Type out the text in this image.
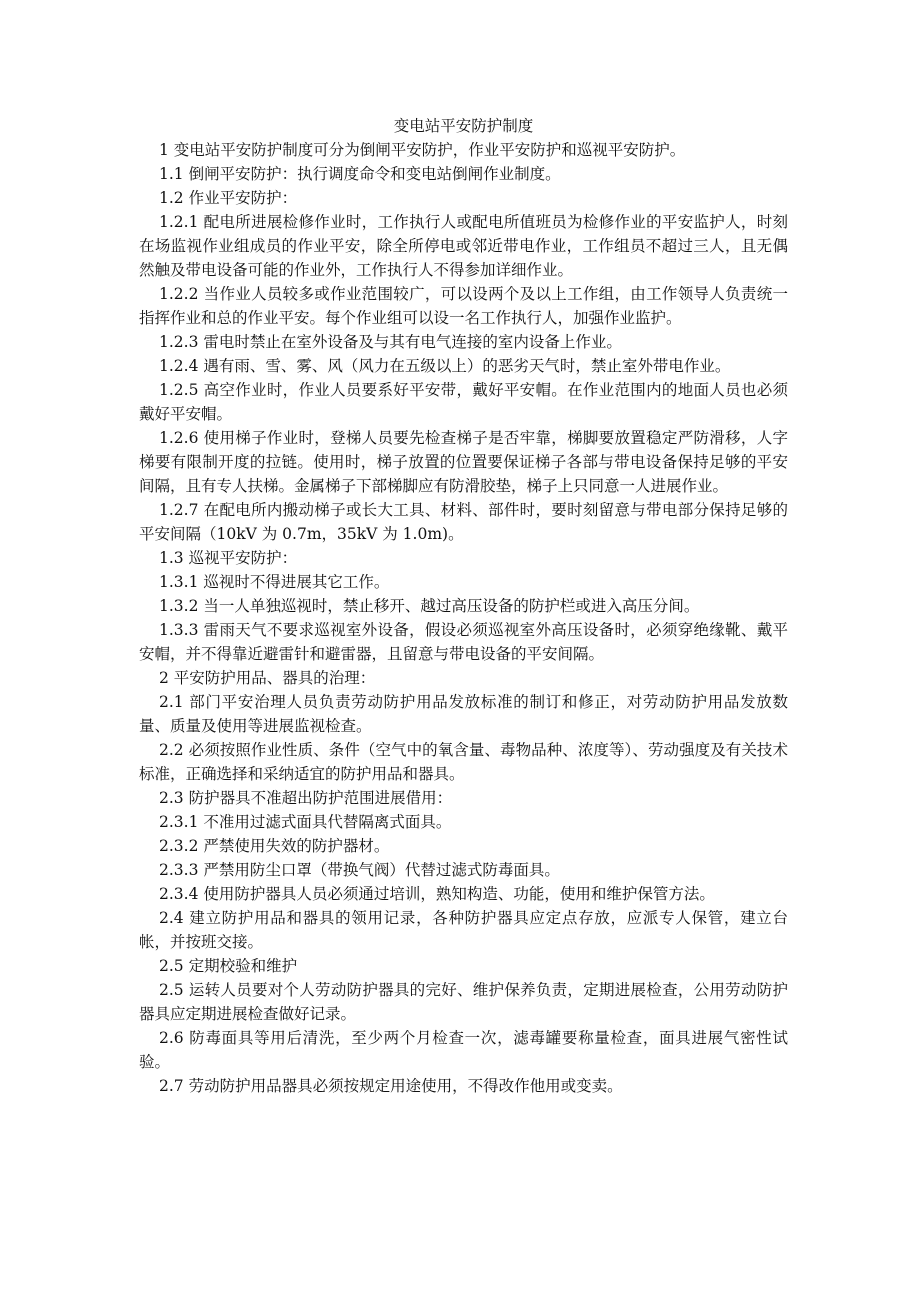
变电站平安防护制度

1 变电站平安防护制度可分为倒闸平安防护，作业平安防护和巡视平安防护。

1.1 倒闸平安防护：执行调度命令和变电站倒闸作业制度。

1.2 作业平安防护：

1.2.1 配电所进展检修作业时，工作执行人或配电所值班员为检修作业的平安监护人，时刻在场监视作业组成员的作业平安，除全所停电或邻近带电作业，工作组员不超过三人，且无偶然触及带电设备可能的作业外，工作执行人不得参加详细作业。

1.2.2 当作业人员较多或作业范围较广，可以设两个及以上工作组，由工作领导人负责统一指挥作业和总的作业平安。每个作业组可以设一名工作执行人，加强作业监护。

1.2.3 雷电时禁止在室外设备及与其有电气连接的室内设备上作业。

1.2.4 遇有雨、雪、雾、风（风力在五级以上）的恶劣天气时，禁止室外带电作业。

1.2.5 高空作业时，作业人员要系好平安带，戴好平安帽。在作业范围内的地面人员也必须戴好平安帽。

1.2.6 使用梯子作业时，登梯人员要先检查梯子是否牢靠，梯脚要放置稳定严防滑移，人字梯要有限制开度的拉链。使用时，梯子放置的位置要保证梯子各部与带电设备保持足够的平安间隔，且有专人扶梯。金属梯子下部梯脚应有防滑胶垫，梯子上只同意一人进展作业。

1.2.7 在配电所内搬动梯子或长大工具、材料、部件时，要时刻留意与带电部分保持足够的平安间隔（10kV 为 0.7m，35kV 为 1.0m)。

1.3 巡视平安防护：

1.3.1 巡视时不得进展其它工作。

1.3.2 当一人单独巡视时，禁止移开、越过高压设备的防护栏或进入高压分间。

1.3.3 雷雨天气不要求巡视室外设备，假设必须巡视室外高压设备时，必须穿绝缘靴、戴平安帽，并不得靠近避雷针和避雷器，且留意与带电设备的平安间隔。

2 平安防护用品、器具的治理：

2.1 部门平安治理人员负责劳动防护用品发放标准的制订和修正，对劳动防护用品发放数量、质量及使用等进展监视检查。

2.2 必须按照作业性质、条件（空气中的氧含量、毒物品种、浓度等）、劳动强度及有关技术标准，正确选择和采纳适宜的防护用品和器具。

2.3 防护器具不准超出防护范围进展借用：

2.3.1 不准用过滤式面具代替隔离式面具。

2.3.2 严禁使用失效的防护器材。

2.3.3 严禁用防尘口罩（带换气阀）代替过滤式防毒面具。

2.3.4 使用防护器具人员必须通过培训，熟知构造、功能，使用和维护保管方法。

2.4 建立防护用品和器具的领用记录，各种防护器具应定点存放，应派专人保管，建立台帐，并按班交接。

2.5 定期校验和维护

2.5 运转人员要对个人劳动防护器具的完好、维护保养负责，定期进展检查，公用劳动防护器具应定期进展检查做好记录。

2.6 防毒面具等用后清洗，至少两个月检查一次，滤毒罐要称量检查，面具进展气密性试验。

2.7 劳动防护用品器具必须按规定用途使用，不得改作他用或变卖。
